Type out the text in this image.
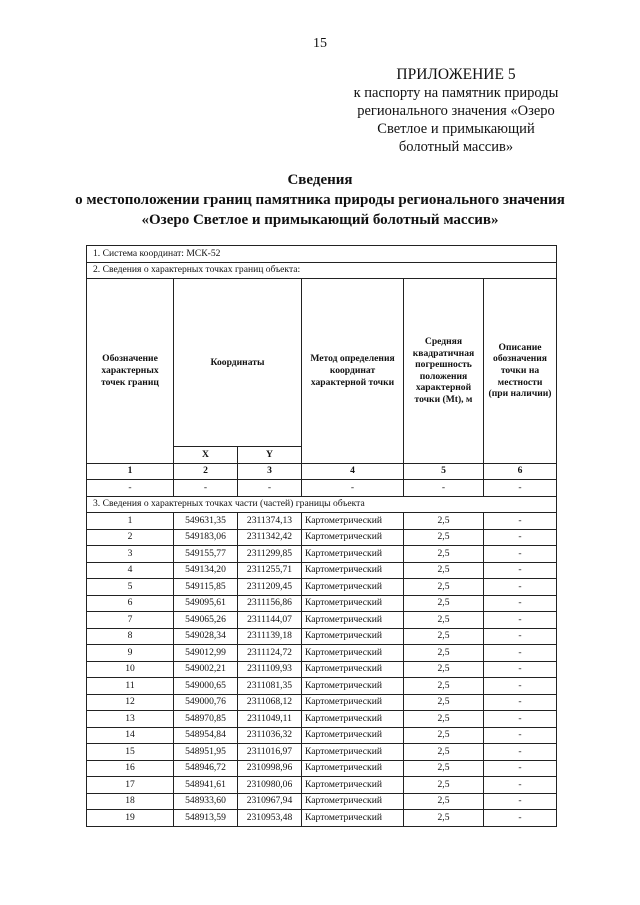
15
ПРИЛОЖЕНИЕ 5
к паспорту на памятник природы
регионального значения «Озеро
Светлое и примыкающий
болотный массив»
Сведения
о местоположении границ памятника природы регионального значения
«Озеро Светлое и примыкающий болотный массив»
1. Система координат: МСК-52					
2. Сведения о характерных точках границ объекта:					
Обозначение характерных точек границ	Координаты		Метод определения координат характерной точки	Средняя квадратичная погрешность положения характерной точки (Mt), м	Описание обозначения точки на местности (при наличии)
	X	Y			
1	2	3	4	5	6
-	-	-	-	-	-
3. Сведения о характерных точках части (частей) границы объекта					
1	549631,35	2311374,13	Картометрический	2,5	-
2	549183,06	2311342,42	Картометрический	2,5	-
3	549155,77	2311299,85	Картометрический	2,5	-
4	549134,20	2311255,71	Картометрический	2,5	-
5	549115,85	2311209,45	Картометрический	2,5	-
6	549095,61	2311156,86	Картометрический	2,5	-
7	549065,26	2311144,07	Картометрический	2,5	-
8	549028,34	2311139,18	Картометрический	2,5	-
9	549012,99	2311124,72	Картометрический	2,5	-
10	549002,21	2311109,93	Картометрический	2,5	-
11	549000,65	2311081,35	Картометрический	2,5	-
12	549000,76	2311068,12	Картометрический	2,5	-
13	548970,85	2311049,11	Картометрический	2,5	-
14	548954,84	2311036,32	Картометрический	2,5	-
15	548951,95	2311016,97	Картометрический	2,5	-
16	548946,72	2310998,96	Картометрический	2,5	-
17	548941,61	2310980,06	Картометрический	2,5	-
18	548933,60	2310967,94	Картометрический	2,5	-
19	548913,59	2310953,48	Картометрический	2,5	-
